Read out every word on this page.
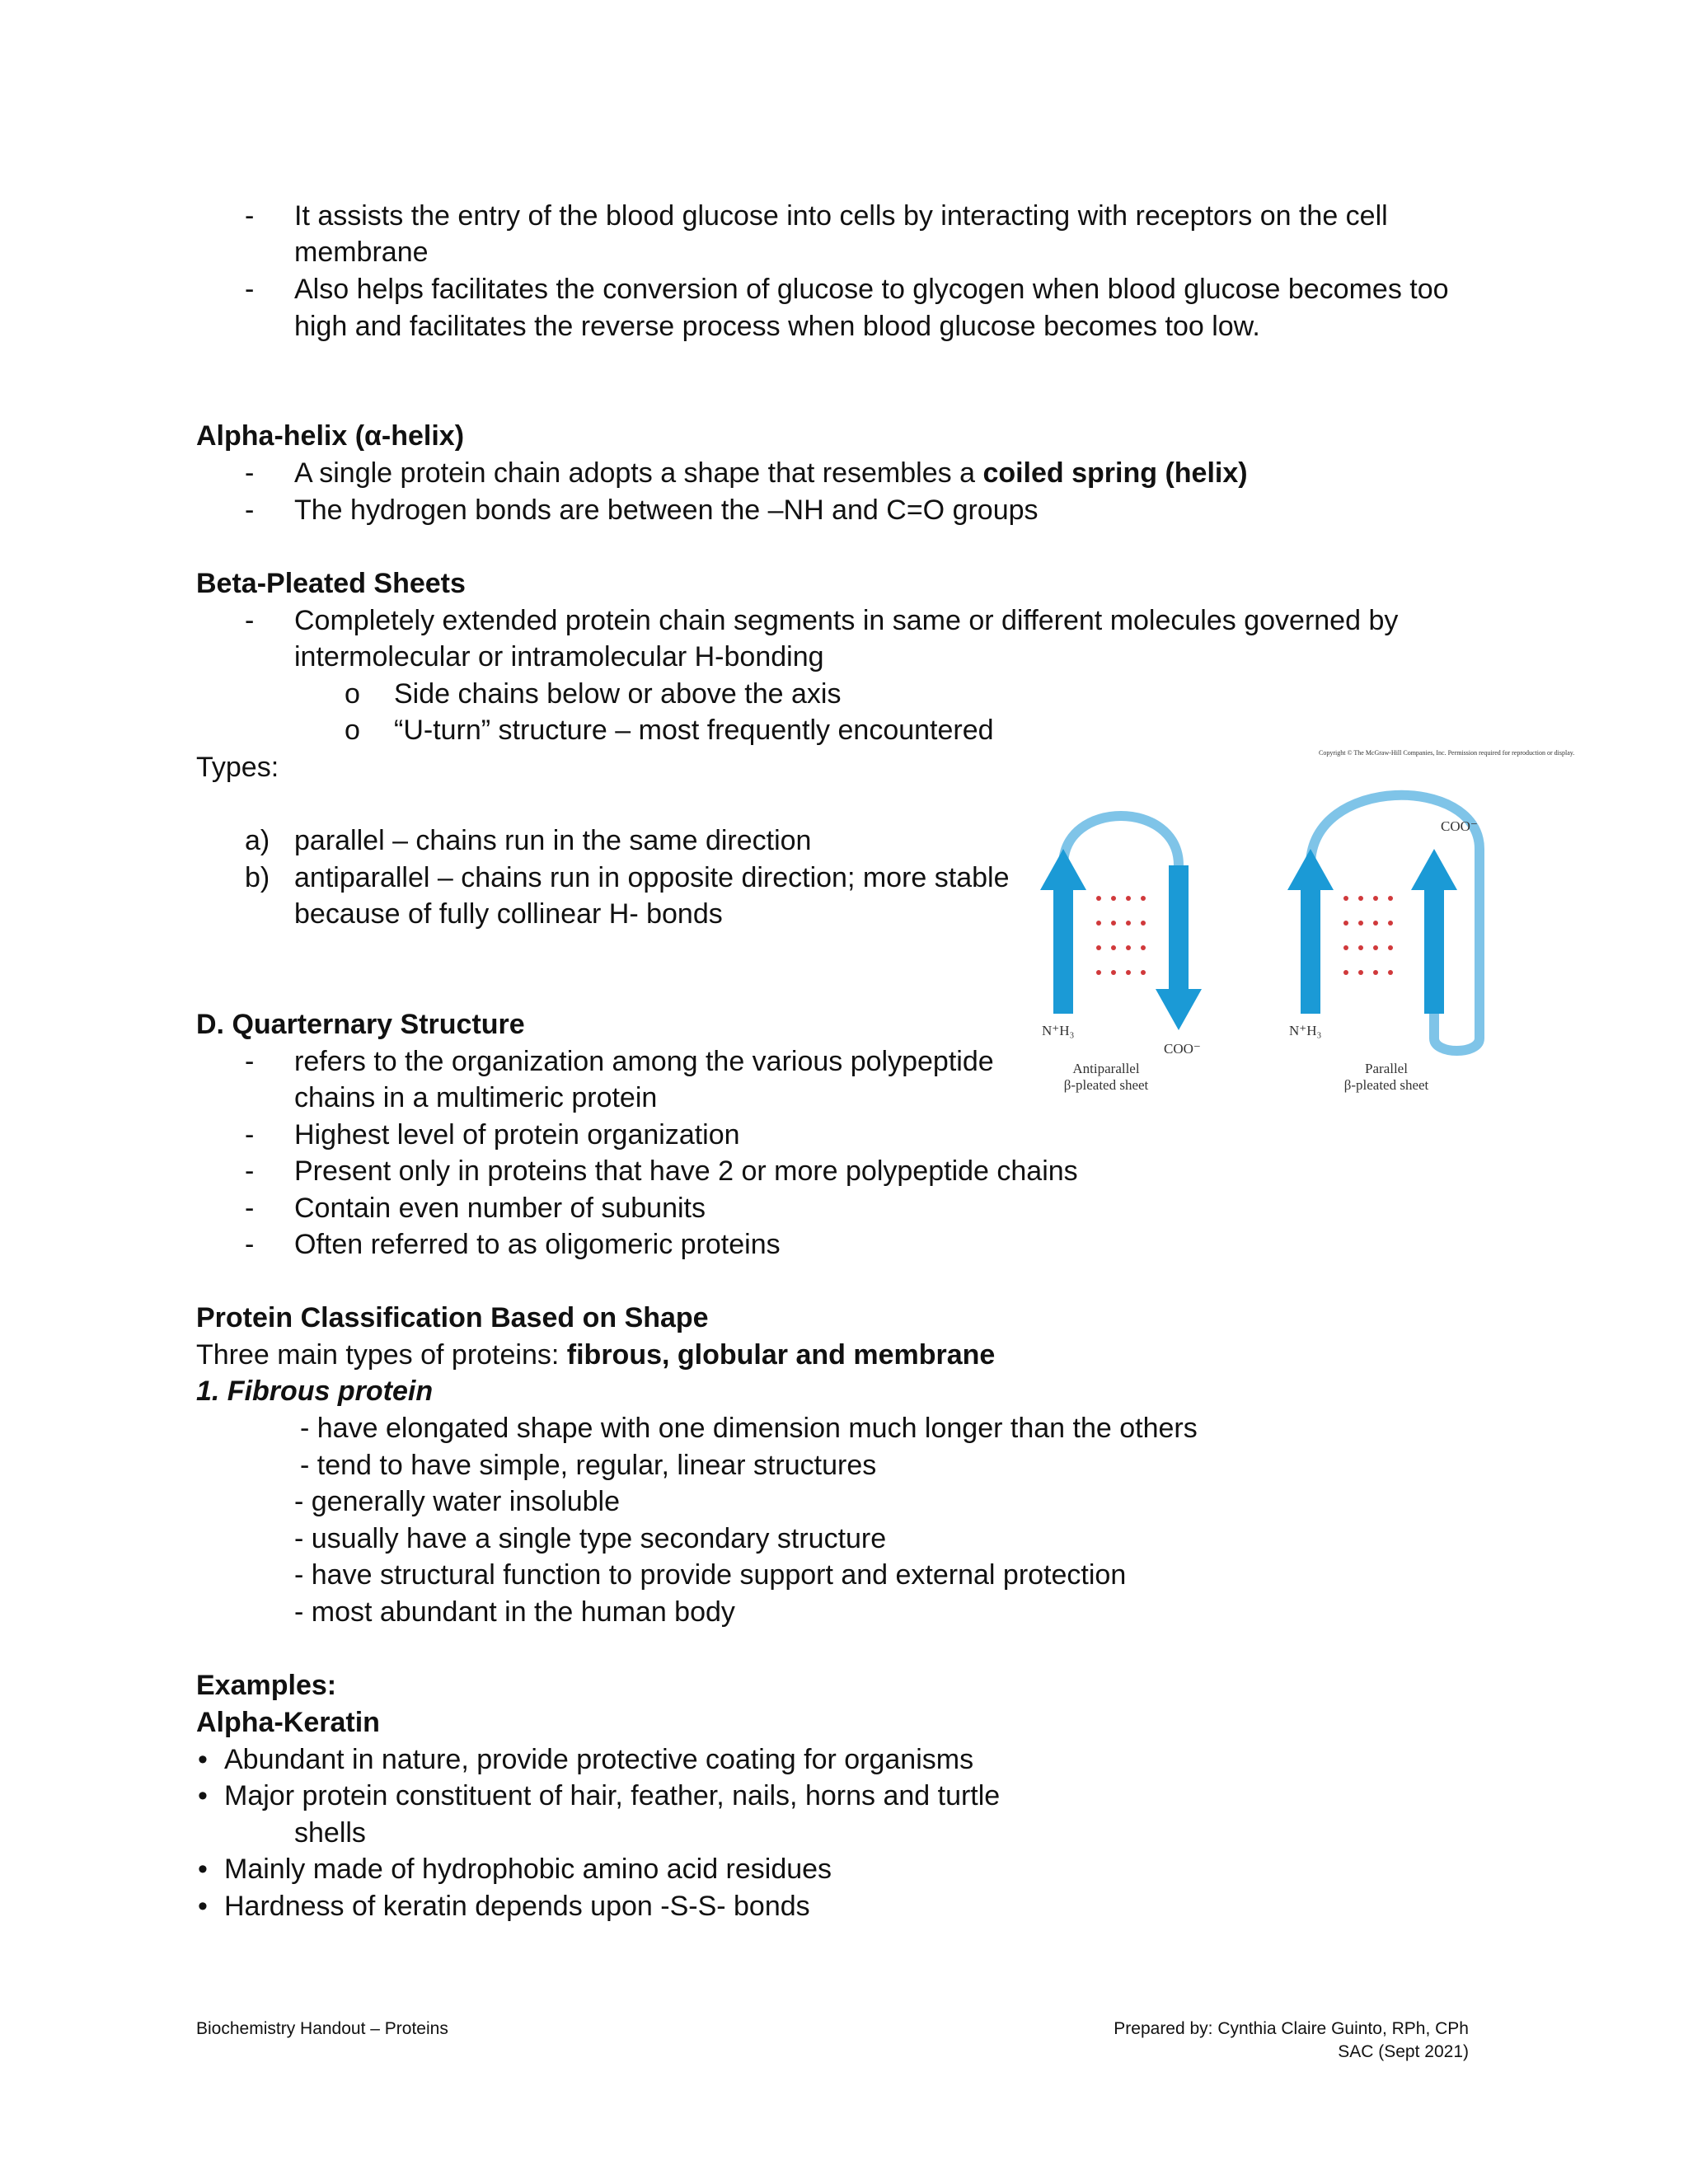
- It assists the entry of the blood glucose into cells by interacting with receptors on the cell
membrane
- Also helps facilitates the conversion of glucose to glycogen when blood glucose becomes too
high and facilitates the reverse process when blood glucose becomes too low.
Alpha-helix (α-helix)
- A single protein chain adopts a shape that resembles a coiled spring (helix)
- The hydrogen bonds are between the –NH and C=O groups
Beta-Pleated Sheets
- Completely extended protein chain segments in same or different molecules governed by
intermolecular or intramolecular H-bonding
o Side chains below or above the axis
o “U-turn” structure – most frequently encountered
Types:
a) parallel – chains run in the same direction
b) antiparallel – chains run in opposite direction; more stable
because of fully collinear H- bonds
Copyright © The McGraw-Hill Companies, Inc. Permission required for reproduction or display.
N⁺H₃
COO⁻
Antiparallel
β-pleated sheet
COO⁻
N⁺H₃
Parallel
β-pleated sheet
D. Quarternary Structure
- refers to the organization among the various polypeptide
chains in a multimeric protein
- Highest level of protein organization
- Present only in proteins that have 2 or more polypeptide chains
- Contain even number of subunits
- Often referred to as oligomeric proteins
Protein Classification Based on Shape
Three main types of proteins: fibrous, globular and membrane
1. Fibrous protein
- have elongated shape with one dimension much longer than the others
- tend to have simple, regular, linear structures
- generally water insoluble
- usually have a single type secondary structure
- have structural function to provide support and external protection
- most abundant in the human body
Examples:
Alpha-Keratin
• Abundant in nature, provide protective coating for organisms
• Major protein constituent of hair, feather, nails, horns and turtle
shells
• Mainly made of hydrophobic amino acid residues
• Hardness of keratin depends upon -S-S- bonds
Biochemistry Handout – Proteins	Prepared by: Cynthia Claire Guinto, RPh, CPh
SAC (Sept 2021)
